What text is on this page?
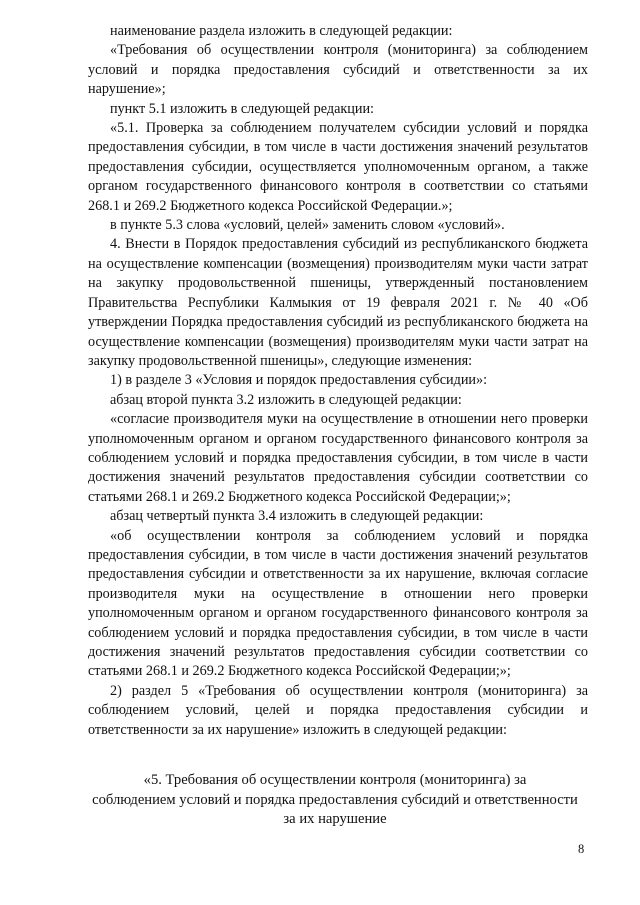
наименование раздела изложить в следующей редакции:

«Требования об осуществлении контроля (мониторинга) за соблюдением условий и порядка предоставления субсидий и ответственности за их нарушение»;

пункт 5.1 изложить в следующей редакции:

«5.1. Проверка за соблюдением получателем субсидии условий и порядка предоставления субсидии, в том числе в части достижения значений результатов предоставления субсидии, осуществляется уполномоченным органом, а также органом государственного финансового контроля в соответствии со статьями 268.1 и 269.2 Бюджетного кодекса Российской Федерации.»;

в пункте 5.3 слова «условий, целей» заменить словом «условий».

4. Внести в Порядок предоставления субсидий из республиканского бюджета на осуществление компенсации (возмещения) производителям муки части затрат на закупку продовольственной пшеницы, утвержденный постановлением Правительства Республики Калмыкия от 19 февраля 2021 г. № 40 «Об утверждении Порядка предоставления субсидий из республиканского бюджета на осуществление компенсации (возмещения) производителям муки части затрат на закупку продовольственной пшеницы», следующие изменения:

1) в разделе 3 «Условия и порядок предоставления субсидии»:

абзац второй пункта 3.2 изложить в следующей редакции:

«согласие производителя муки на осуществление в отношении него проверки уполномоченным органом и органом государственного финансового контроля за соблюдением условий и порядка предоставления субсидии, в том числе в части достижения значений результатов предоставления субсидии соответствии со статьями 268.1 и 269.2 Бюджетного кодекса Российской Федерации;»;

абзац четвертый пункта 3.4 изложить в следующей редакции:

«об осуществлении контроля за соблюдением условий и порядка предоставления субсидии, в том числе в части достижения значений результатов предоставления субсидии и ответственности за их нарушение, включая согласие производителя муки на осуществление в отношении него проверки уполномоченным органом и органом государственного финансового контроля за соблюдением условий и порядка предоставления субсидии, в том числе в части достижения значений результатов предоставления субсидии соответствии со статьями 268.1 и 269.2 Бюджетного кодекса Российской Федерации;»;

2) раздел 5 «Требования об осуществлении контроля (мониторинга) за соблюдением условий, целей и порядка предоставления субсидии и ответственности за их нарушение» изложить в следующей редакции:

«5. Требования об осуществлении контроля (мониторинга) за
соблюдением условий и порядка предоставления субсидий и ответственности
за их нарушение
8
